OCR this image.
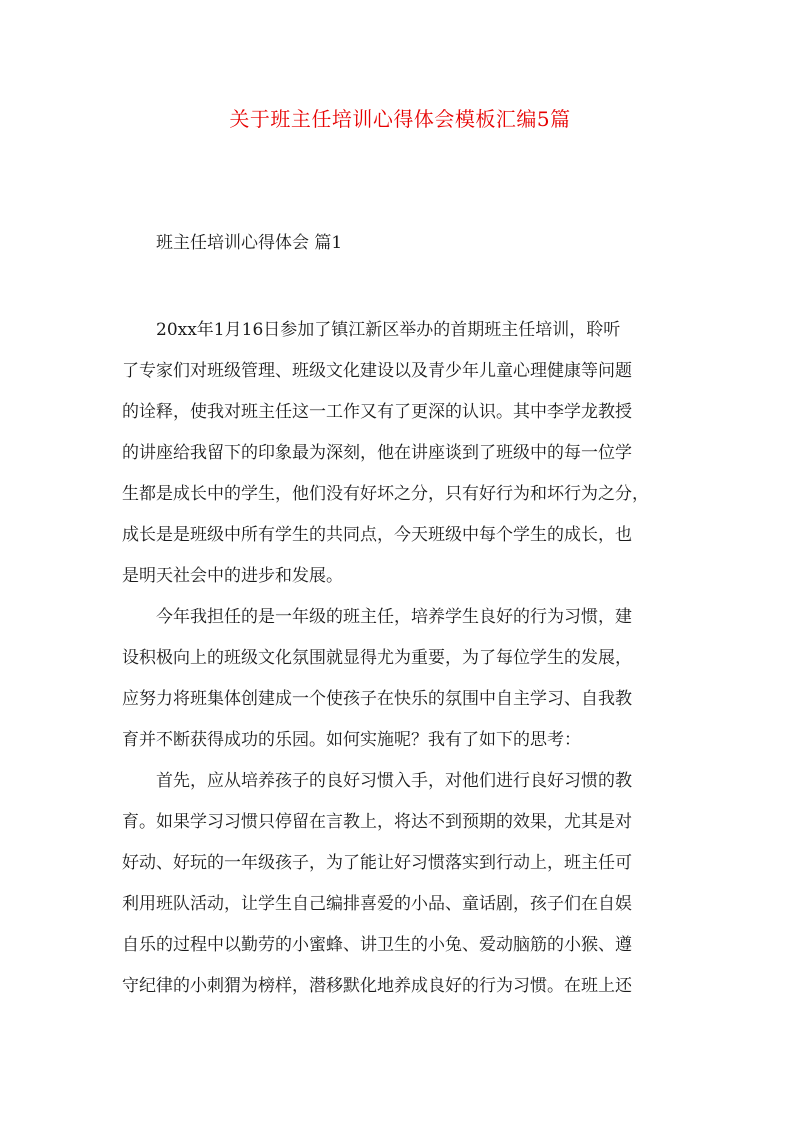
关于班主任培训心得体会模板汇编5篇
班主任培训心得体会 篇1
20xx年1月16日参加了镇江新区举办的首期班主任培训，聆听
了专家们对班级管理、班级文化建设以及青少年儿童心理健康等问题
的诠释，使我对班主任这一工作又有了更深的认识。其中李学龙教授
的讲座给我留下的印象最为深刻，他在讲座谈到了班级中的每一位学
生都是成长中的学生，他们没有好坏之分，只有好行为和坏行为之分，
成长是是班级中所有学生的共同点，今天班级中每个学生的成长，也
是明天社会中的进步和发展。
今年我担任的是一年级的班主任，培养学生良好的行为习惯，建
设积极向上的班级文化氛围就显得尤为重要，为了每位学生的发展，
应努力将班集体创建成一个使孩子在快乐的氛围中自主学习、自我教
育并不断获得成功的乐园。如何实施呢？我有了如下的思考：
首先，应从培养孩子的良好习惯入手，对他们进行良好习惯的教
育。如果学习习惯只停留在言教上，将达不到预期的效果，尤其是对
好动、好玩的一年级孩子，为了能让好习惯落实到行动上，班主任可
利用班队活动，让学生自己编排喜爱的小品、童话剧，孩子们在自娱
自乐的过程中以勤劳的小蜜蜂、讲卫生的小兔、爱动脑筋的小猴、遵
守纪律的小刺猬为榜样，潜移默化地养成良好的行为习惯。在班上还
